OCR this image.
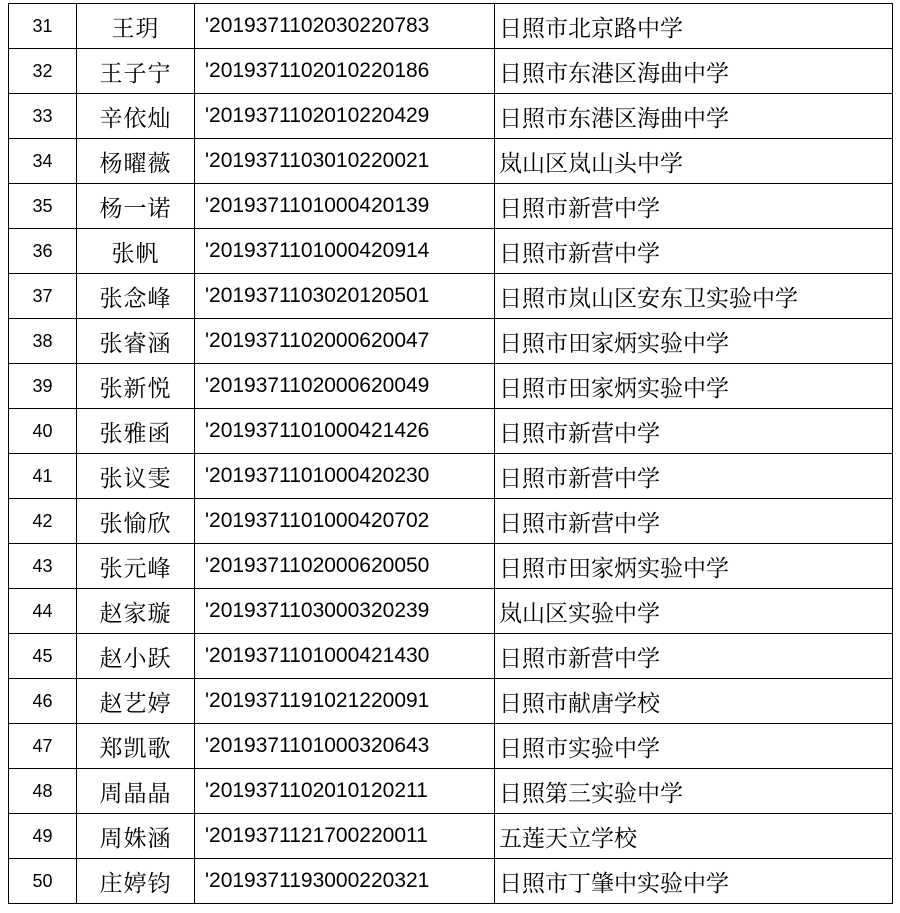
31	王玥	'2019371102030220783	日照市北京路中学
32	王子宁	'2019371102010220186	日照市东港区海曲中学
33	辛依灿	'2019371102010220429	日照市东港区海曲中学
34	杨曜薇	'2019371103010220021	岚山区岚山头中学
35	杨一诺	'2019371101000420139	日照市新营中学
36	张帆	'2019371101000420914	日照市新营中学
37	张念峰	'2019371103020120501	日照市岚山区安东卫实验中学
38	张睿涵	'2019371102000620047	日照市田家炳实验中学
39	张新悦	'2019371102000620049	日照市田家炳实验中学
40	张雅函	'2019371101000421426	日照市新营中学
41	张议雯	'2019371101000420230	日照市新营中学
42	张愉欣	'2019371101000420702	日照市新营中学
43	张元峰	'2019371102000620050	日照市田家炳实验中学
44	赵家璇	'2019371103000320239	岚山区实验中学
45	赵小跃	'2019371101000421430	日照市新营中学
46	赵艺婷	'2019371191021220091	日照市献唐学校
47	郑凯歌	'2019371101000320643	日照市实验中学
48	周晶晶	'2019371102010120211	日照第三实验中学
49	周姝涵	'2019371121700220011	五莲天立学校
50	庄婷钧	'2019371193000220321	日照市丁肇中实验中学
